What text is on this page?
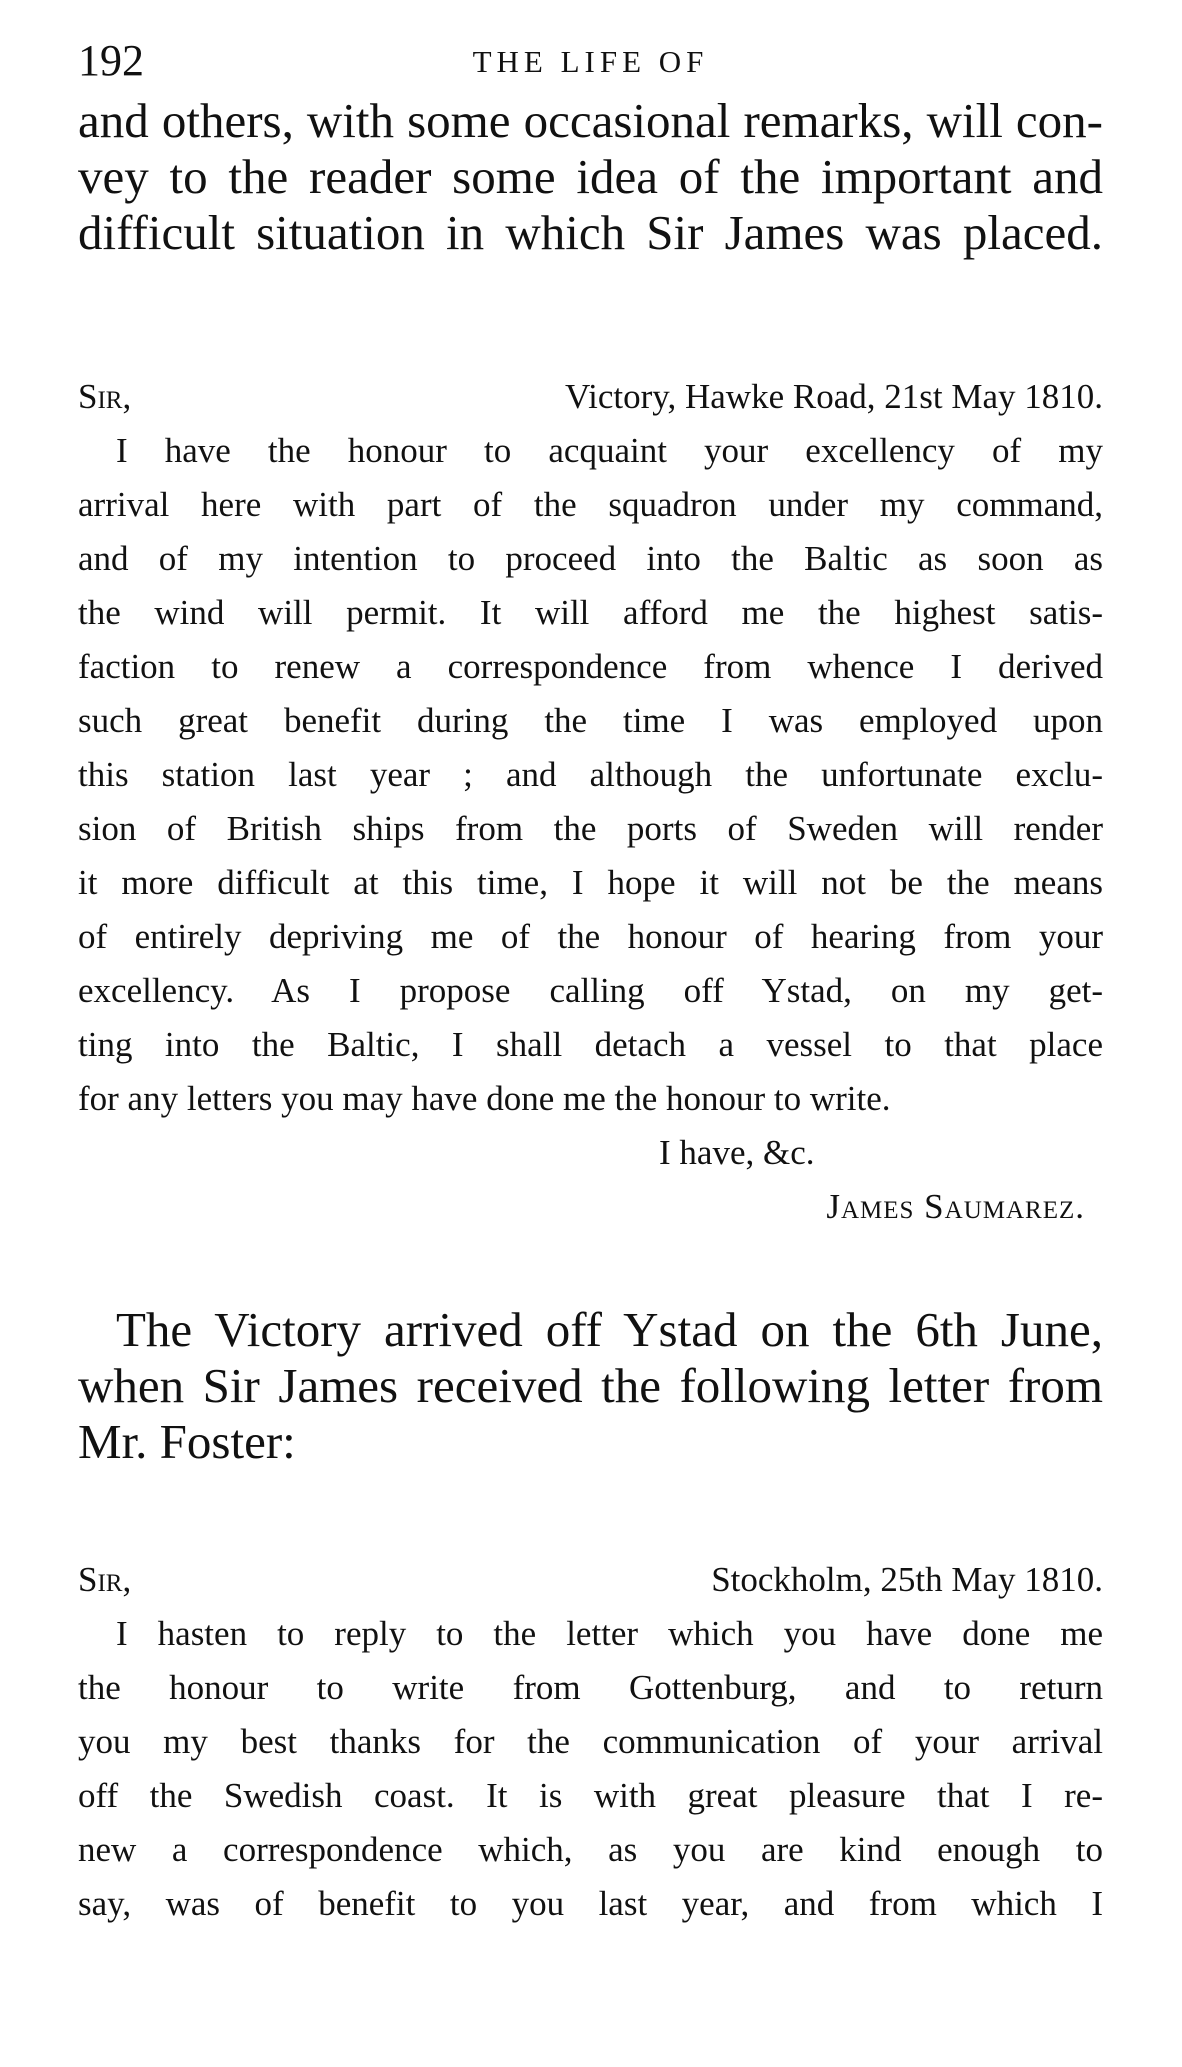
192	THE LIFE OF
and others, with some occasional remarks, will con-
vey to the reader some idea of the important and
difficult situation in which Sir James was placed.
Sir,	Victory, Hawke Road, 21st May 1810.
I have the honour to acquaint your excellency of my
arrival here with part of the squadron under my command,
and of my intention to proceed into the Baltic as soon as
the wind will permit. It will afford me the highest satis-
faction to renew a correspondence from whence I derived
such great benefit during the time I was employed upon
this station last year ; and although the unfortunate exclu-
sion of British ships from the ports of Sweden will render
it more difficult at this time, I hope it will not be the means
of entirely depriving me of the honour of hearing from your
excellency. As I propose calling off Ystad, on my get-
ting into the Baltic, I shall detach a vessel to that place
for any letters you may have done me the honour to write.
I have, &c.
James Saumarez.
The Victory arrived off Ystad on the 6th June,
when Sir James received the following letter from
Mr. Foster:
Sir,	Stockholm, 25th May 1810.
I hasten to reply to the letter which you have done me
the honour to write from Gottenburg, and to return
you my best thanks for the communication of your arrival
off the Swedish coast. It is with great pleasure that I re-
new a correspondence which, as you are kind enough to
say, was of benefit to you last year, and from which I
